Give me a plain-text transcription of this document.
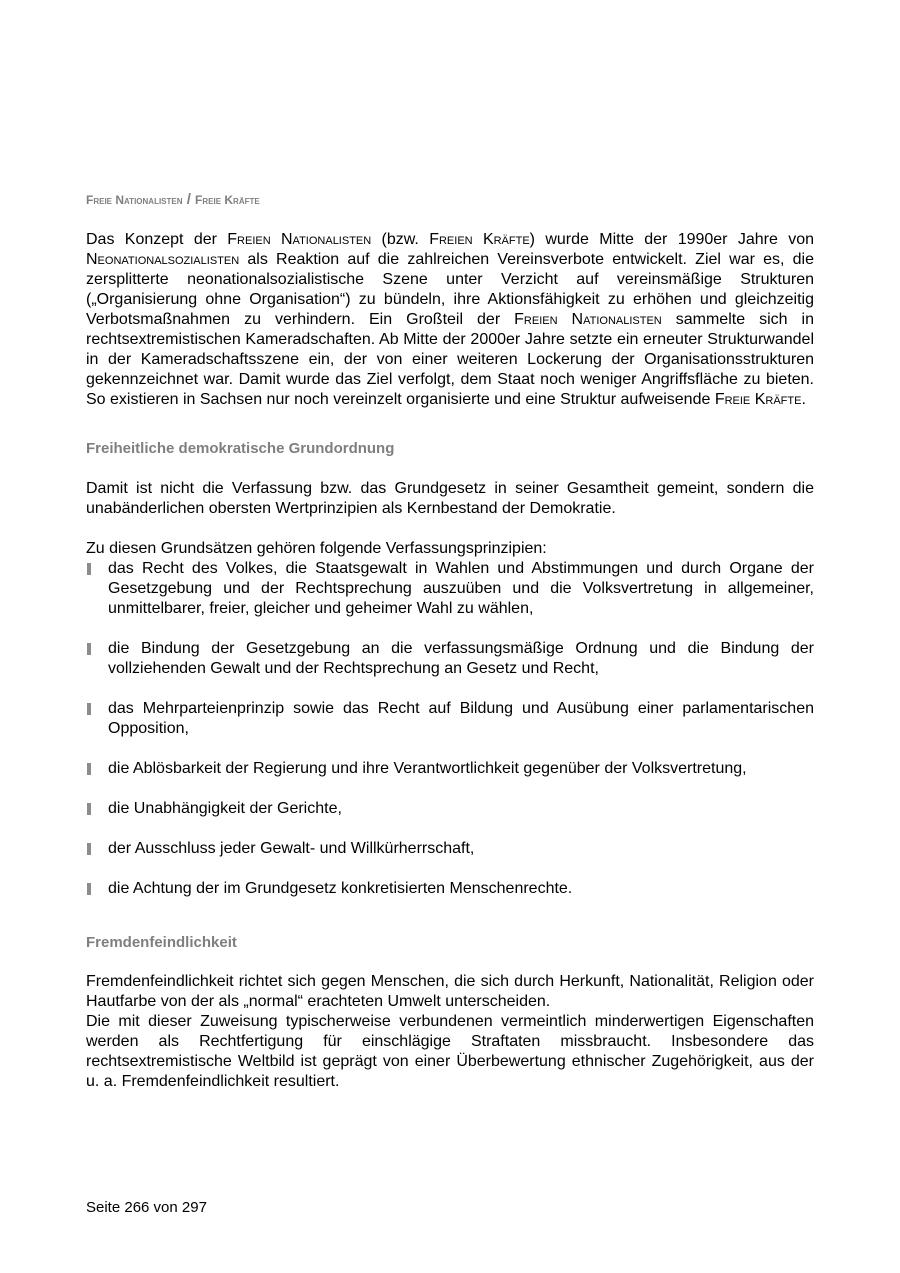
Freie Nationalisten / Freie Kräfte

Das Konzept der Freien Nationalisten (bzw. Freien Kräfte) wurde Mitte der 1990er Jahre von Neonationalsozialisten als Reaktion auf die zahlreichen Vereinsverbote entwickelt. Ziel war es, die zersplitterte neonationalsozialistische Szene unter Verzicht auf vereinsmäßige Strukturen („Organisierung ohne Organisation“) zu bündeln, ihre Aktionsfähigkeit zu erhöhen und gleichzeitig Verbotsmaßnahmen zu verhindern. Ein Großteil der Freien Nationalisten sammelte sich in rechtsextremistischen Kameradschaften. Ab Mitte der 2000er Jahre setzte ein erneuter Strukturwandel in der Kameradschaftsszene ein, der von einer weiteren Lockerung der Organisationsstrukturen gekennzeichnet war. Damit wurde das Ziel verfolgt, dem Staat noch weniger Angriffsfläche zu bieten. So existieren in Sachsen nur noch vereinzelt organisierte und eine Struktur aufweisende Freie Kräfte.

Freiheitliche demokratische Grundordnung

Damit ist nicht die Verfassung bzw. das Grundgesetz in seiner Gesamtheit gemeint, sondern die unabänderlichen obersten Wertprinzipien als Kernbestand der Demokratie.

Zu diesen Grundsätzen gehören folgende Verfassungsprinzipien:

das Recht des Volkes, die Staatsgewalt in Wahlen und Abstimmungen und durch Organe der Gesetzgebung und der Rechtsprechung auszuüben und die Volksvertretung in allgemeiner, unmittelbarer, freier, gleicher und geheimer Wahl zu wählen,
die Bindung der Gesetzgebung an die verfassungsmäßige Ordnung und die Bindung der vollziehenden Gewalt und der Rechtsprechung an Gesetz und Recht,
das Mehrparteienprinzip sowie das Recht auf Bildung und Ausübung einer parlamentarischen Opposition,
die Ablösbarkeit der Regierung und ihre Verantwortlichkeit gegenüber der Volksvertretung,
die Unabhängigkeit der Gerichte,
der Ausschluss jeder Gewalt- und Willkürherrschaft,
die Achtung der im Grundgesetz konkretisierten Menschenrechte.
Fremdenfeindlichkeit

Fremdenfeindlichkeit richtet sich gegen Menschen, die sich durch Herkunft, Nationalität, Religion oder Hautfarbe von der als „normal“ erachteten Umwelt unterscheiden.

Die mit dieser Zuweisung typischerweise verbundenen vermeintlich minderwertigen Eigenschaften werden als Rechtfertigung für einschlägige Straftaten missbraucht. Insbesondere das rechtsextremistische Weltbild ist geprägt von einer Überbewertung ethnischer Zugehörigkeit, aus der u. a. Fremdenfeindlichkeit resultiert.

Seite 266 von 297
